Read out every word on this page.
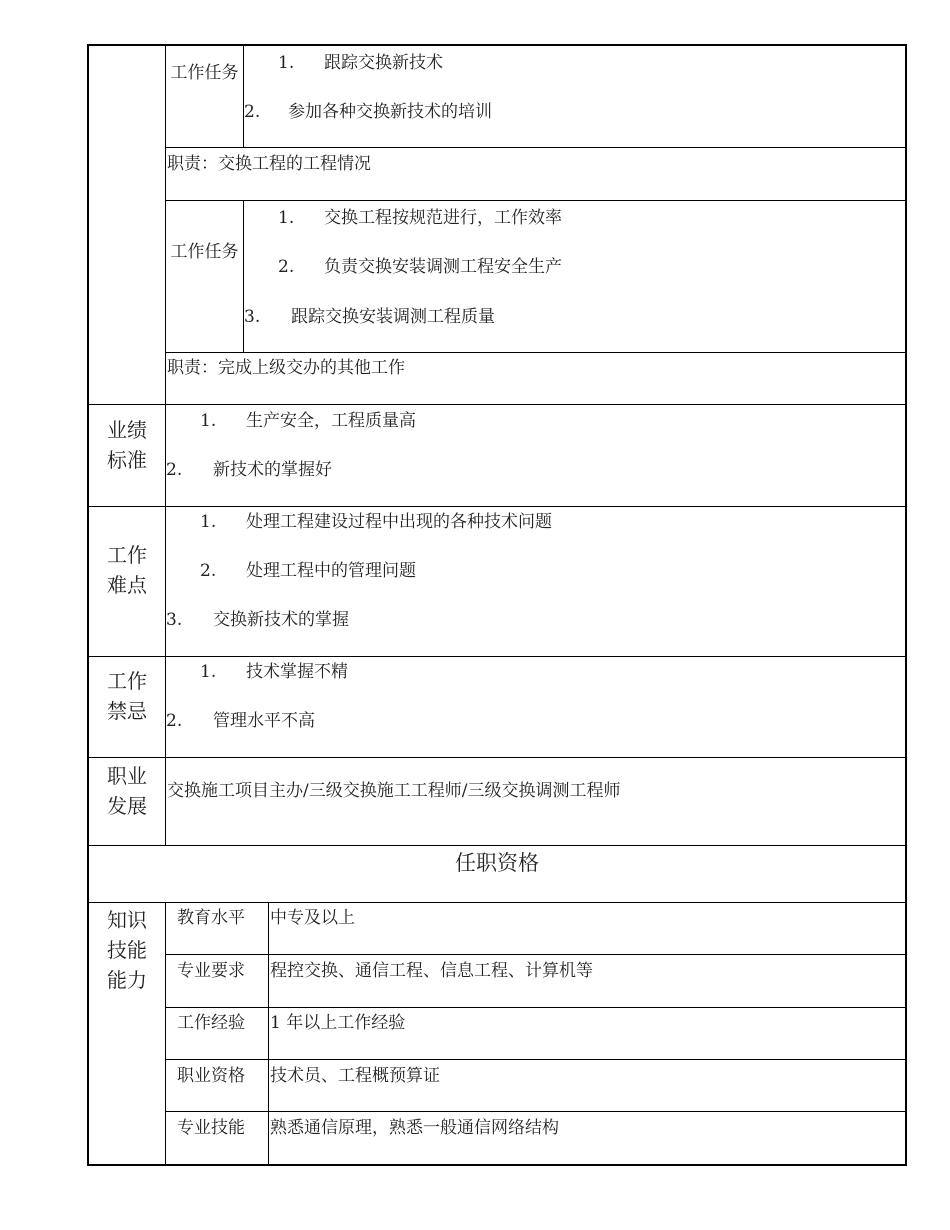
工作任务 1. 跟踪交换新技术
2. 参加各种交换新技术的培训
职责：交换工程的工程情况
工作任务
1. 交换工程按规范进行，工作效率
2. 负责交换安装调测工程安全生产
3. 跟踪交换安装调测工程质量
职责：完成上级交办的其他工作
业绩标准
1. 生产安全，工程质量高
2. 新技术的掌握好
工作难点
1. 处理工程建设过程中出现的各种技术问题
2. 处理工程中的管理问题
3. 交换新技术的掌握
工作禁忌
1. 技术掌握不精
2. 管理水平不高
职业发展
交换施工项目主办/三级交换施工工程师/三级交换调测工程师
任职资格
知识技能能力
教育水平 中专及以上
专业要求 程控交换、通信工程、信息工程、计算机等
工作经验 1 年以上工作经验
职业资格 技术员、工程概预算证
专业技能 熟悉通信原理，熟悉一般通信网络结构
